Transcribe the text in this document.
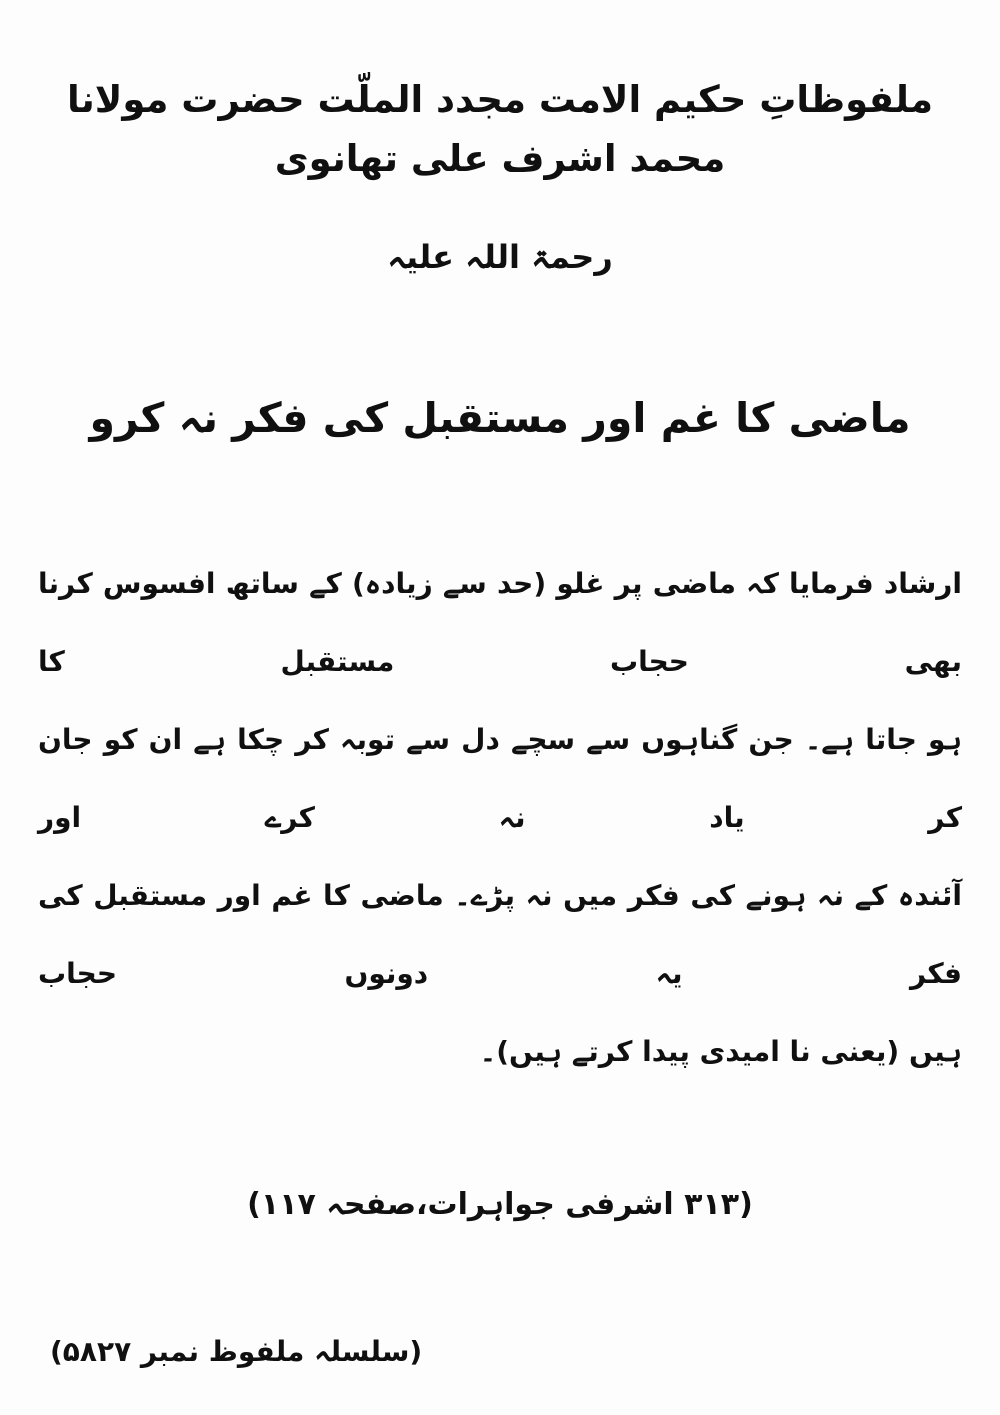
ملفوظاتِ حکیم الامت مجدد الملّت حضرت مولانا محمد اشرف علی تھانوی
رحمۃ اللہ علیہ
ماضی کا غم اور مستقبل کی فکر نہ کرو
ارشاد فرمایا کہ ماضی پر غلو (حد سے زیادہ) کے ساتھ افسوس کرنا بھی حجاب مستقبل کا
ہو جاتا ہے۔ جن گناہوں سے سچے دل سے توبہ کر چکا ہے ان کو جان کر یاد نہ کرے اور
آئندہ کے نہ ہونے کی فکر میں نہ پڑے۔ ماضی کا غم اور مستقبل کی فکر یہ دونوں حجاب
ہیں (یعنی نا امیدی پیدا کرتے ہیں)۔
(۳۱۳ اشرفی جواہرات،صفحہ ۱۱۷)
(سلسلہ ملفوظ نمبر ۵۸۲۷)
